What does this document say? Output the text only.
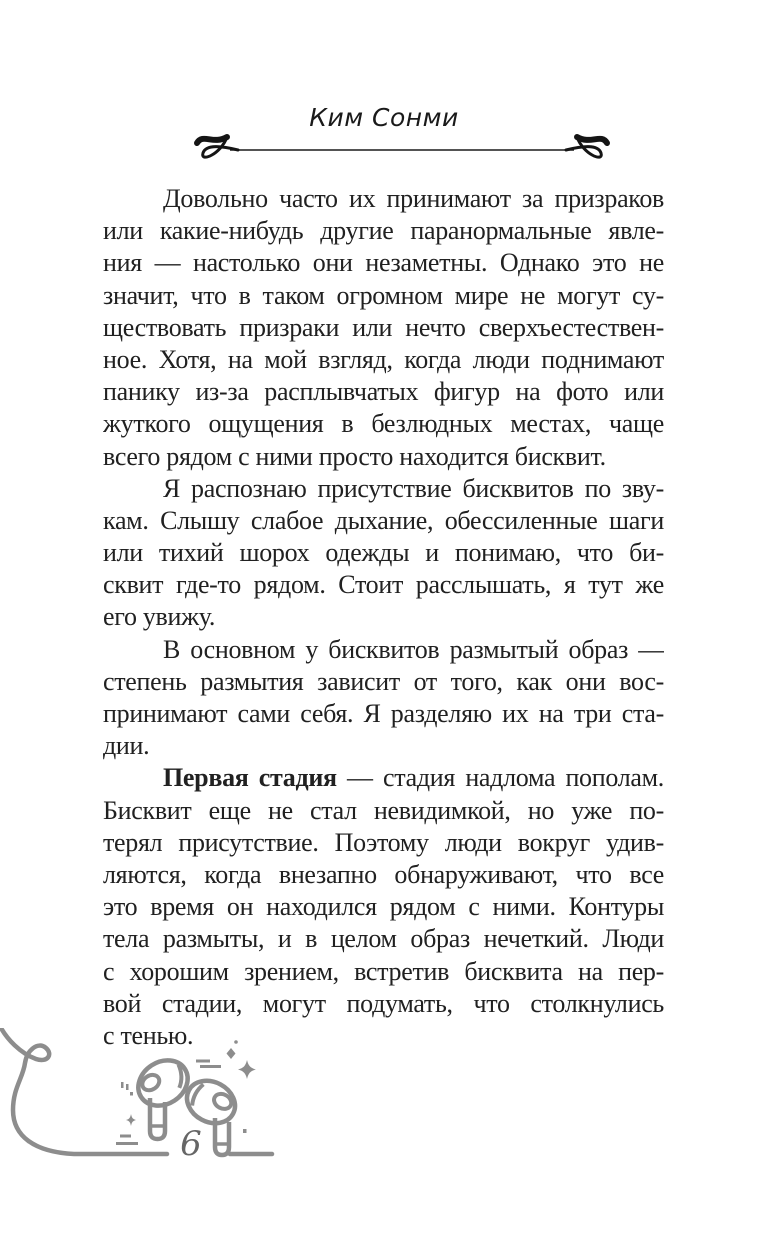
Ким Сонми
Довольно часто их принимают за призраков
или какие-нибудь другие паранормальные явле-
ния — настолько они незаметны. Однако это не
значит, что в таком огромном мире не могут су-
ществовать призраки или нечто сверхъестествен-
ное. Хотя, на мой взгляд, когда люди поднимают
панику из-за расплывчатых фигур на фото или
жуткого ощущения в безлюдных местах, чаще
всего рядом с ними просто находится бисквит.
Я распознаю присутствие бисквитов по зву-
кам. Слышу слабое дыхание, обессиленные шаги
или тихий шорох одежды и понимаю, что би-
сквит где-то рядом. Стоит расслышать, я тут же
его увижу.
В основном у бисквитов размытый образ —
степень размытия зависит от того, как они вос-
принимают сами себя. Я разделяю их на три ста-
дии.
Первая стадия — стадия надлома пополам.
Бисквит еще не стал невидимкой, но уже по-
терял присутствие. Поэтому люди вокруг удив-
ляются, когда внезапно обнаруживают, что все
это время он находился рядом с ними. Контуры
тела размыты, и в целом образ нечеткий. Люди
с хорошим зрением, встретив бисквита на пер-
вой стадии, могут подумать, что столкнулись
с тенью.
6
